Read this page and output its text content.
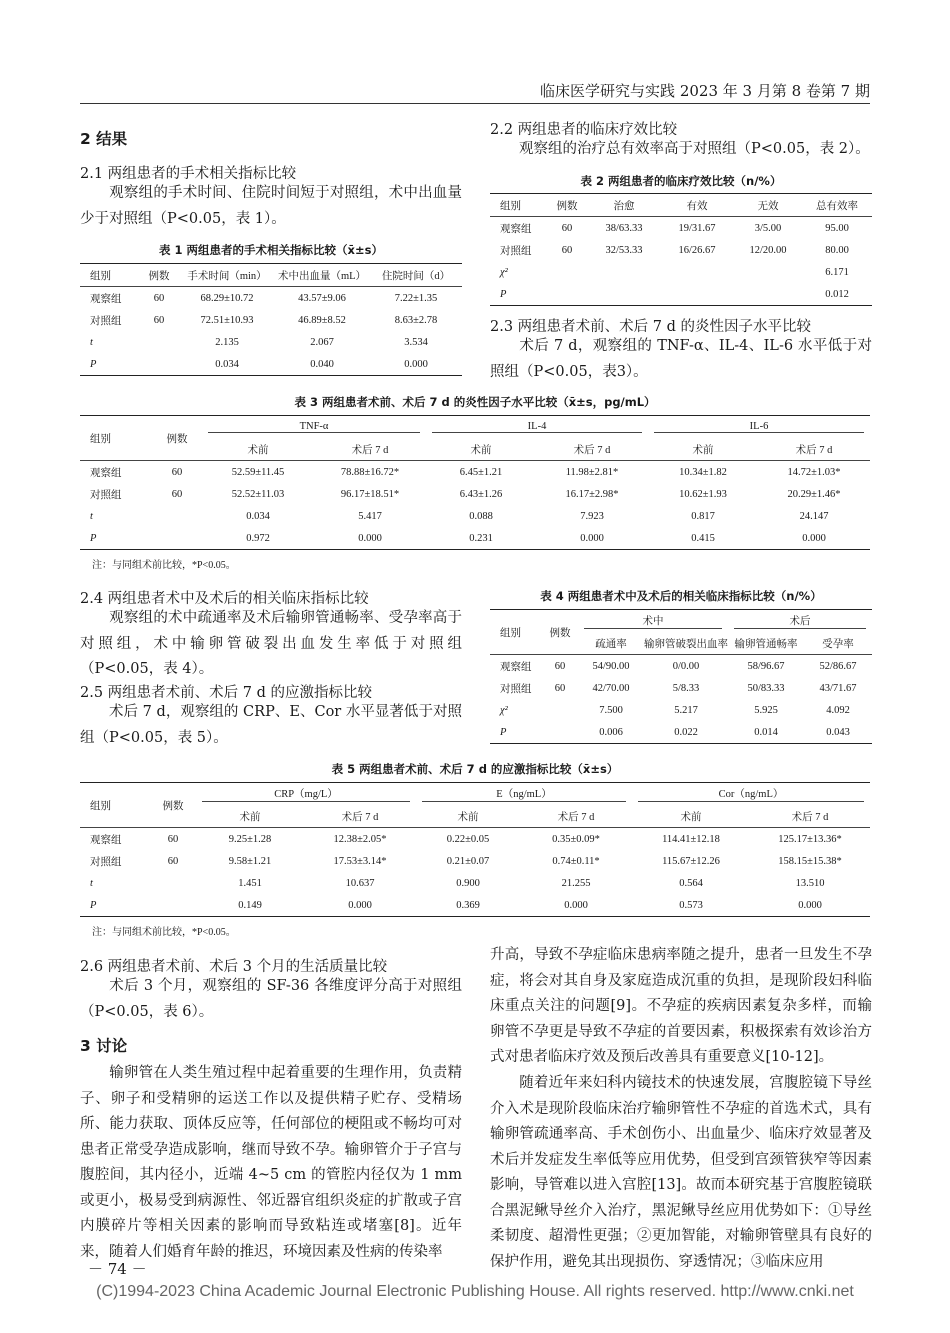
临床医学研究与实践 2023 年 3 月第 8 卷第 7 期
2 结果
2.1 两组患者的手术相关指标比较
观察组的手术时间、住院时间短于对照组，术中出血量少于对照组（P<0.05，表 1）。
表 1 两组患者的手术相关指标比较（x̄±s）
组别	例数	手术时间（min）	术中出血量（mL）	住院时间（d）
观察组	60	68.29±10.72	43.57±9.06	7.22±1.35
对照组	60	72.51±10.93	46.89±8.52	8.63±2.78
t		2.135	2.067	3.534
P		0.034	0.040	0.000
2.2 两组患者的临床疗效比较
观察组的治疗总有效率高于对照组（P<0.05，表 2）。
表 2 两组患者的临床疗效比较（n/%）
组别	例数	治愈	有效	无效	总有效率
观察组	60	38/63.33	19/31.67	3/5.00	95.00
对照组	60	32/53.33	16/26.67	12/20.00	80.00
χ²					6.171
P					0.012
2.3 两组患者术前、术后 7 d 的炎性因子水平比较
术后 7 d，观察组的 TNF-α、IL-4、IL-6 水平低于对照组（P<0.05，表3）。
表 3 两组患者术前、术后 7 d 的炎性因子水平比较（x̄±s，pg/mL）
组别	例数	TNF-α		IL-4		IL-6	

		术前	术后 7 d	术前	术后 7 d	术前	术后 7 d
观察组	60	52.59±11.45	78.88±16.72*	6.45±1.21	11.98±2.81*	10.34±1.82	14.72±1.03*
对照组	60	52.52±11.03	96.17±18.51*	6.43±1.26	16.17±2.98*	10.62±1.93	20.29±1.46*
t		0.034	5.417	0.088	7.923	0.817	24.147
P		0.972	0.000	0.231	0.000	0.415	0.000
注：与同组术前比较，*P<0.05。
2.4 两组患者术中及术后的相关临床指标比较
观察组的术中疏通率及术后输卵管通畅率、受孕率高于对照组，术中输卵管破裂出血发生率低于对照组（P<0.05，表 4）。
2.5 两组患者术前、术后 7 d 的应激指标比较
术后 7 d，观察组的 CRP、E、Cor 水平显著低于对照组（P<0.05，表 5）。
表 4 两组患者术中及术后的相关临床指标比较（n/%）
组别	例数	术中		术后	

		疏通率	输卵管破裂出血率	输卵管通畅率	受孕率
观察组	60	54/90.00	0/0.00	58/96.67	52/86.67
对照组	60	42/70.00	5/8.33	50/83.33	43/71.67
χ²		7.500	5.217	5.925	4.092
P		0.006	0.022	0.014	0.043
表 5 两组患者术前、术后 7 d 的应激指标比较（x̄±s）
组别	例数	CRP（mg/L）		E（ng/mL）		Cor（ng/mL）	

		术前	术后 7 d	术前	术后 7 d	术前	术后 7 d
观察组	60	9.25±1.28	12.38±2.05*	0.22±0.05	0.35±0.09*	114.41±12.18	125.17±13.36*
对照组	60	9.58±1.21	17.53±3.14*	0.21±0.07	0.74±0.11*	115.67±12.26	158.15±15.38*
t		1.451	10.637	0.900	21.255	0.564	13.510
P		0.149	0.000	0.369	0.000	0.573	0.000
注：与同组术前比较，*P<0.05。
2.6 两组患者术前、术后 3 个月的生活质量比较
术后 3 个月，观察组的 SF-36 各维度评分高于对照组（P<0.05，表 6）。
3 讨论
输卵管在人类生殖过程中起着重要的生理作用，负责精子、卵子和受精卵的运送工作以及提供精子贮存、受精场所、能力获取、顶体反应等，任何部位的梗阻或不畅均可对患者正常受孕造成影响，继而导致不孕。输卵管介于子宫与腹腔间，其内径小，近端 4~5 cm 的管腔内径仅为 1 mm 或更小，极易受到病源性、邻近器官组织炎症的扩散或子宫内膜碎片等相关因素的影响而导致粘连或堵塞[8]。近年来，随着人们婚育年龄的推迟，环境因素及性病的传染率
升高，导致不孕症临床患病率随之提升，患者一旦发生不孕症，将会对其自身及家庭造成沉重的负担，是现阶段妇科临床重点关注的问题[9]。不孕症的疾病因素复杂多样，而输卵管不孕更是导致不孕症的首要因素，积极探索有效诊治方式对患者临床疗效及预后改善具有重要意义[10-12]。
随着近年来妇科内镜技术的快速发展，宫腹腔镜下导丝介入术是现阶段临床治疗输卵管性不孕症的首选术式，具有输卵管疏通率高、手术创伤小、出血量少、临床疗效显著及术后并发症发生率低等应用优势，但受到宫颈管狭窄等因素影响，导管难以进入宫腔[13]。故而本研究基于宫腹腔镜联合黑泥鳅导丝介入治疗，黑泥鳅导丝应用优势如下：①导丝柔韧度、超滑性更强；②更加智能，对输卵管壁具有良好的保护作用，避免其出现损伤、穿透情况；③临床应用
－ 74 －
(C)1994-2023 China Academic Journal Electronic Publishing House. All rights reserved. http://www.cnki.net
